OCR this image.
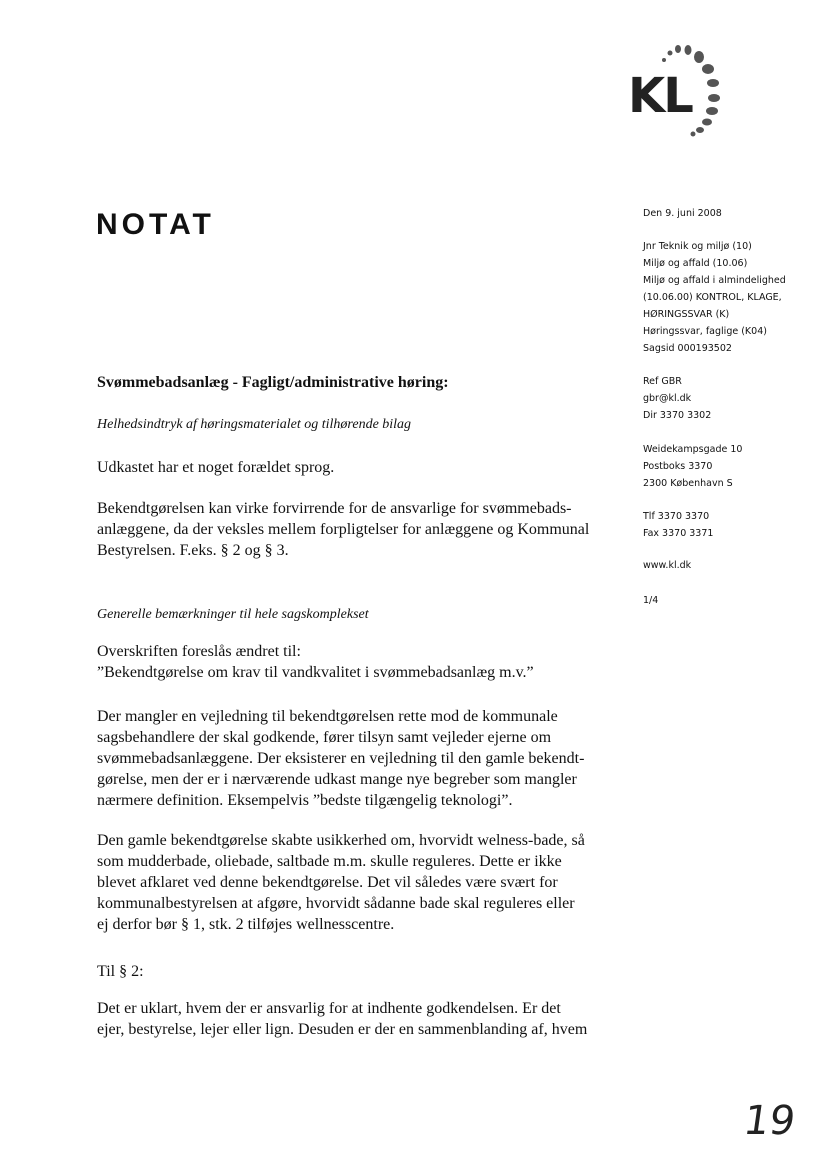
KL
NOTAT	Den 9. juni 2008
Jnr Teknik og miljø (10)
Miljø og affald (10.06)
Miljø og affald i almindelighed
(10.06.00) KONTROL, KLAGE,
HØRINGSSVAR (K)
Høringssvar, faglige (K04)
Sagsid 000193502
Ref GBR
gbr@kl.dk
Dir 3370 3302
Weidekampsgade 10
Postboks 3370
2300 København S
Tlf 3370 3370
Fax 3370 3371
www.kl.dk
1/4
Svømmebadsanlæg - Fagligt/administrative høring:
Helhedsindtryk af høringsmaterialet og tilhørende bilag
Udkastet har et noget forældet sprog.
Bekendtgørelsen kan virke forvirrende for de ansvarlige for svømmebads-
anlæggene, da der veksles mellem forpligtelser for anlæggene og Kommunal
Bestyrelsen. F.eks. § 2 og § 3.
Generelle bemærkninger til hele sagskomplekset
Overskriften foreslås ændret til:
”Bekendtgørelse om krav til vandkvalitet i svømmebadsanlæg m.v.”
Der mangler en vejledning til bekendtgørelsen rette mod de kommunale
sagsbehandlere der skal godkende, fører tilsyn samt vejleder ejerne om
svømmebadsanlæggene. Der eksisterer en vejledning til den gamle bekendt-
gørelse, men der er i nærværende udkast mange nye begreber som mangler
nærmere definition. Eksempelvis ”bedste tilgængelig teknologi”.
Den gamle bekendtgørelse skabte usikkerhed om, hvorvidt welness-bade, så
som mudderbade, oliebade, saltbade m.m. skulle reguleres. Dette er ikke
blevet afklaret ved denne bekendtgørelse. Det vil således være svært for
kommunalbestyrelsen at afgøre, hvorvidt sådanne bade skal reguleres eller
ej derfor bør § 1, stk. 2 tilføjes wellnesscentre.
Til § 2:
Det er uklart, hvem der er ansvarlig for at indhente godkendelsen. Er det
ejer, bestyrelse, lejer eller lign. Desuden er der en sammenblanding af, hvem
19
